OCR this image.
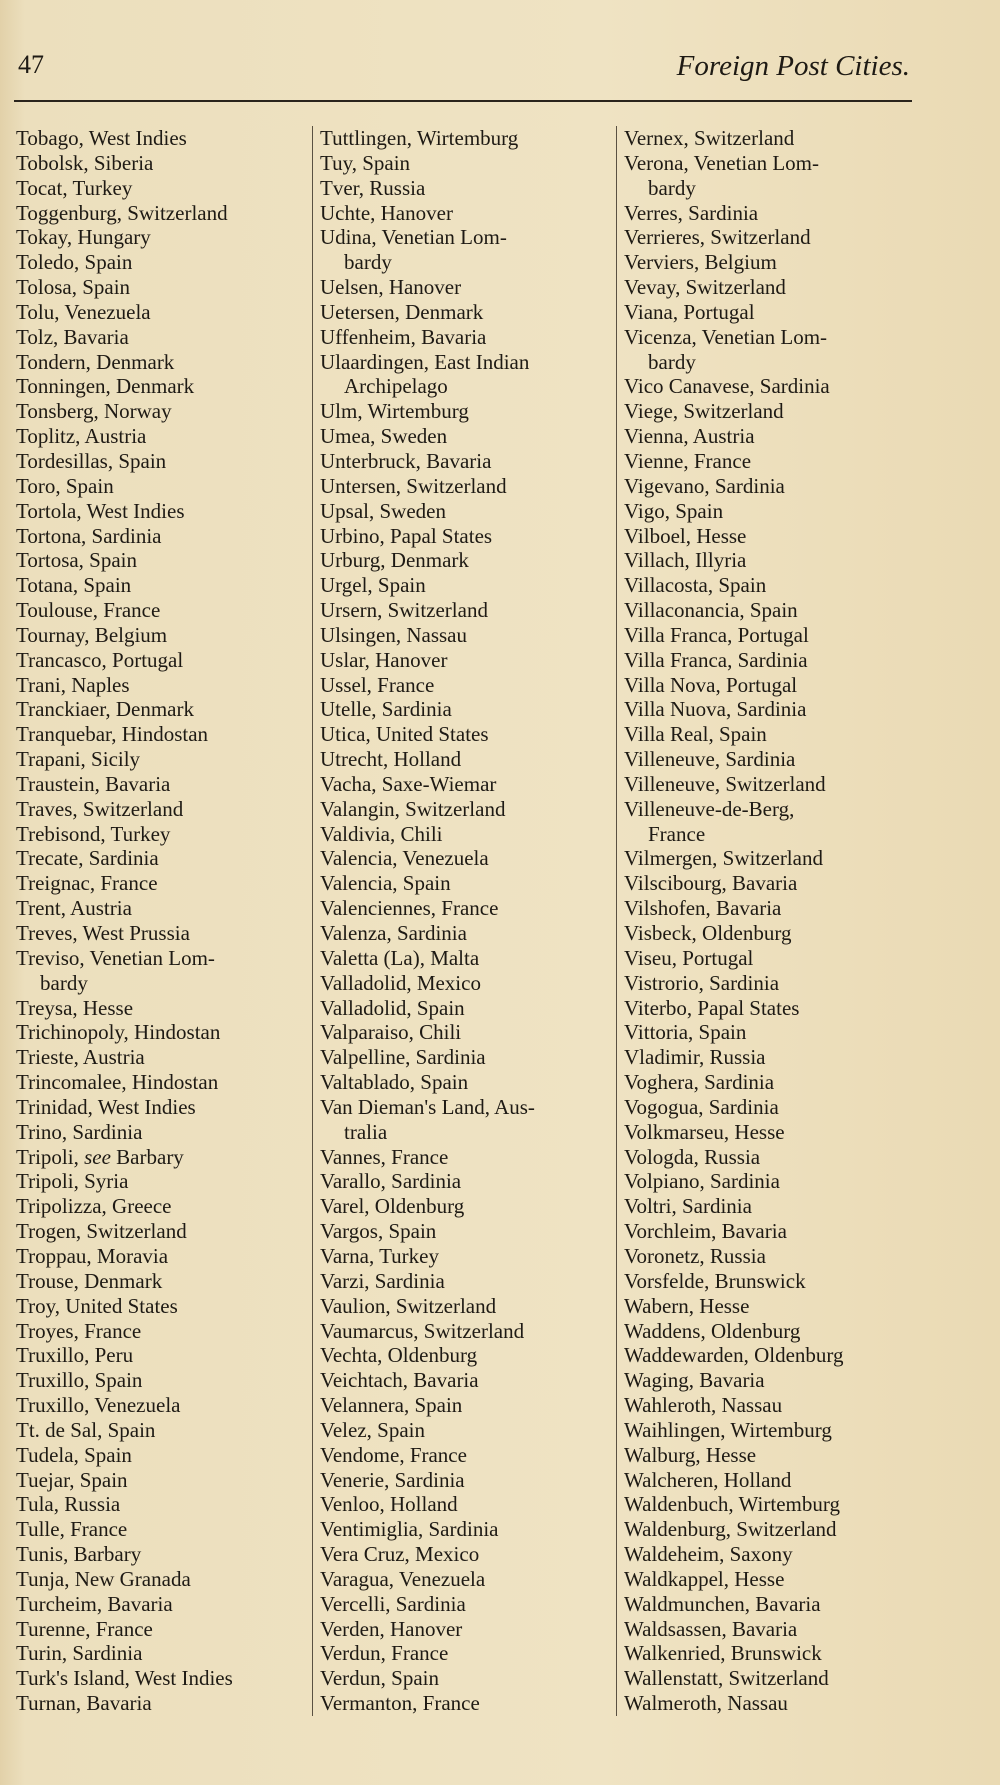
47	Foreign Post Cities.
Tobago, West Indies
Tobolsk, Siberia
Tocat, Turkey
Toggenburg, Switzerland
Tokay, Hungary
Toledo, Spain
Tolosa, Spain
Tolu, Venezuela
Tolz, Bavaria
Tondern, Denmark
Tonningen, Denmark
Tonsberg, Norway
Toplitz, Austria
Tordesillas, Spain
Toro, Spain
Tortola, West Indies
Tortona, Sardinia
Tortosa, Spain
Totana, Spain
Toulouse, France
Tournay, Belgium
Trancasco, Portugal
Trani, Naples
Tranckiaer, Denmark
Tranquebar, Hindostan
Trapani, Sicily
Traustein, Bavaria
Traves, Switzerland
Trebisond, Turkey
Trecate, Sardinia
Treignac, France
Trent, Austria
Treves, West Prussia
Treviso, Venetian Lom-
bardy
Treysa, Hesse
Trichinopoly, Hindostan
Trieste, Austria
Trincomalee, Hindostan
Trinidad, West Indies
Trino, Sardinia
Tripoli, see Barbary
Tripoli, Syria
Tripolizza, Greece
Trogen, Switzerland
Troppau, Moravia
Trouse, Denmark
Troy, United States
Troyes, France
Truxillo, Peru
Truxillo, Spain
Truxillo, Venezuela
Tt. de Sal, Spain
Tudela, Spain
Tuejar, Spain
Tula, Russia
Tulle, France
Tunis, Barbary
Tunja, New Granada
Turcheim, Bavaria
Turenne, France
Turin, Sardinia
Turk's Island, West Indies
Turnan, Bavaria
Tuttlingen, Wirtemburg
Tuy, Spain
Tver, Russia
Uchte, Hanover
Udina, Venetian Lom-
bardy
Uelsen, Hanover
Uetersen, Denmark
Uffenheim, Bavaria
Ulaardingen, East Indian
Archipelago
Ulm, Wirtemburg
Umea, Sweden
Unterbruck, Bavaria
Untersen, Switzerland
Upsal, Sweden
Urbino, Papal States
Urburg, Denmark
Urgel, Spain
Ursern, Switzerland
Ulsingen, Nassau
Uslar, Hanover
Ussel, France
Utelle, Sardinia
Utica, United States
Utrecht, Holland
Vacha, Saxe-Wiemar
Valangin, Switzerland
Valdivia, Chili
Valencia, Venezuela
Valencia, Spain
Valenciennes, France
Valenza, Sardinia
Valetta (La), Malta
Valladolid, Mexico
Valladolid, Spain
Valparaiso, Chili
Valpelline, Sardinia
Valtablado, Spain
Van Dieman's Land, Aus-
tralia
Vannes, France
Varallo, Sardinia
Varel, Oldenburg
Vargos, Spain
Varna, Turkey
Varzi, Sardinia
Vaulion, Switzerland
Vaumarcus, Switzerland
Vechta, Oldenburg
Veichtach, Bavaria
Velannera, Spain
Velez, Spain
Vendome, France
Venerie, Sardinia
Venloo, Holland
Ventimiglia, Sardinia
Vera Cruz, Mexico
Varagua, Venezuela
Vercelli, Sardinia
Verden, Hanover
Verdun, France
Verdun, Spain
Vermanton, France
Vernex, Switzerland
Verona, Venetian Lom-
bardy
Verres, Sardinia
Verrieres, Switzerland
Verviers, Belgium
Vevay, Switzerland
Viana, Portugal
Vicenza, Venetian Lom-
bardy
Vico Canavese, Sardinia
Viege, Switzerland
Vienna, Austria
Vienne, France
Vigevano, Sardinia
Vigo, Spain
Vilboel, Hesse
Villach, Illyria
Villacosta, Spain
Villaconancia, Spain
Villa Franca, Portugal
Villa Franca, Sardinia
Villa Nova, Portugal
Villa Nuova, Sardinia
Villa Real, Spain
Villeneuve, Sardinia
Villeneuve, Switzerland
Villeneuve-de-Berg,
France
Vilmergen, Switzerland
Vilscibourg, Bavaria
Vilshofen, Bavaria
Visbeck, Oldenburg
Viseu, Portugal
Vistrorio, Sardinia
Viterbo, Papal States
Vittoria, Spain
Vladimir, Russia
Voghera, Sardinia
Vogogua, Sardinia
Volkmarseu, Hesse
Vologda, Russia
Volpiano, Sardinia
Voltri, Sardinia
Vorchleim, Bavaria
Voronetz, Russia
Vorsfelde, Brunswick
Wabern, Hesse
Waddens, Oldenburg
Waddewarden, Oldenburg
Waging, Bavaria
Wahleroth, Nassau
Waihlingen, Wirtemburg
Walburg, Hesse
Walcheren, Holland
Waldenbuch, Wirtemburg
Waldenburg, Switzerland
Waldeheim, Saxony
Waldkappel, Hesse
Waldmunchen, Bavaria
Waldsassen, Bavaria
Walkenried, Brunswick
Wallenstatt, Switzerland
Walmeroth, Nassau
